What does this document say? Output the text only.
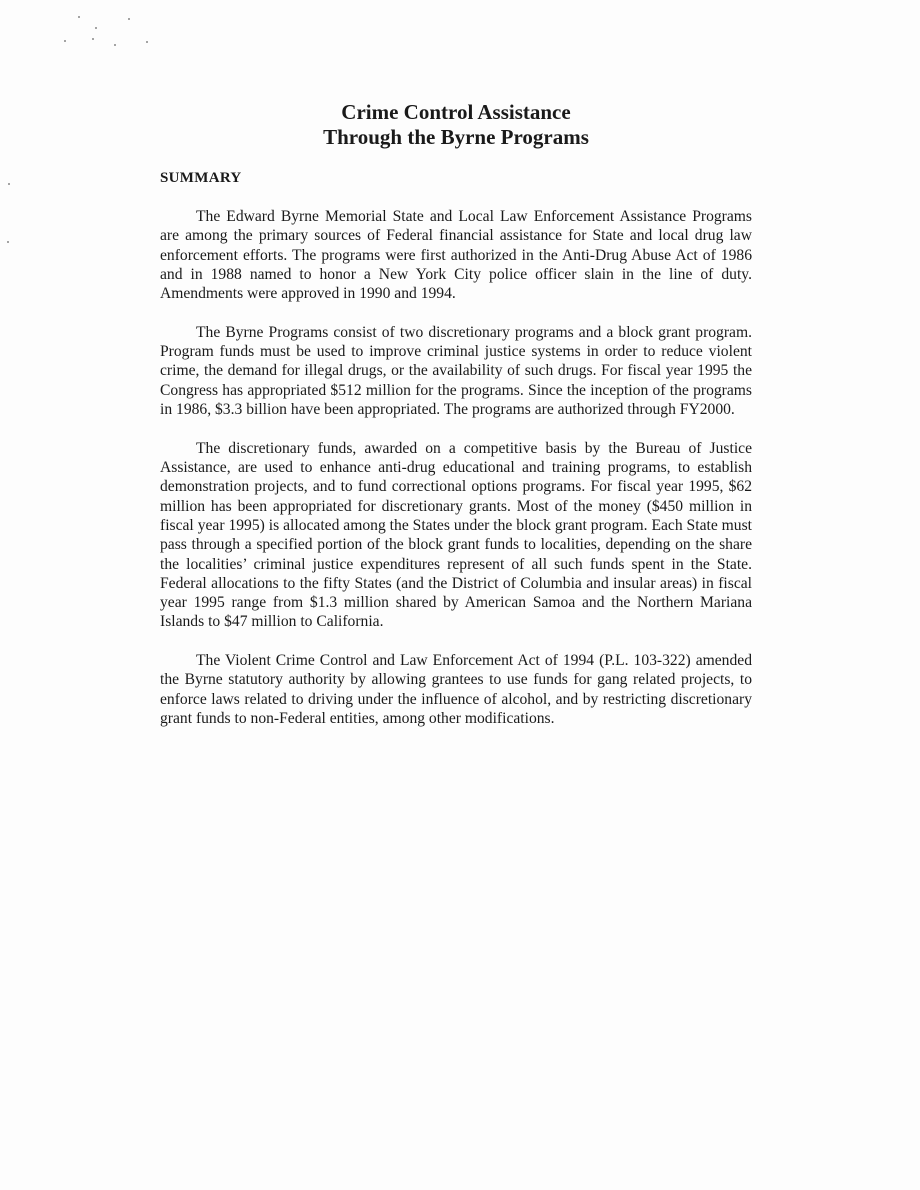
Crime Control Assistance
Through the Byrne Programs
SUMMARY

The Edward Byrne Memorial State and Local Law Enforcement Assistance Programs are among the primary sources of Federal financial assistance for State and local drug law enforcement efforts. The programs were first authorized in the Anti-Drug Abuse Act of 1986 and in 1988 named to honor a New York City police officer slain in the line of duty. Amendments were approved in 1990 and 1994.

The Byrne Programs consist of two discretionary programs and a block grant program. Program funds must be used to improve criminal justice systems in order to reduce violent crime, the demand for illegal drugs, or the availability of such drugs. For fiscal year 1995 the Congress has appropriated $512 million for the programs. Since the inception of the programs in 1986, $3.3 billion have been appropriated. The programs are authorized through FY2000.

The discretionary funds, awarded on a competitive basis by the Bureau of Justice Assistance, are used to enhance anti-drug educational and training programs, to establish demonstration projects, and to fund correctional options programs. For fiscal year 1995, $62 million has been appropriated for discretionary grants. Most of the money ($450 million in fiscal year 1995) is allocated among the States under the block grant program. Each State must pass through a specified portion of the block grant funds to localities, depending on the share the localities’ criminal justice expenditures represent of all such funds spent in the State. Federal allocations to the fifty States (and the District of Columbia and insular areas) in fiscal year 1995 range from $1.3 million shared by American Samoa and the Northern Mariana Islands to $47 million to California.

The Violent Crime Control and Law Enforcement Act of 1994 (P.L. 103-322) amended the Byrne statutory authority by allowing grantees to use funds for gang related projects, to enforce laws related to driving under the influence of alcohol, and by restricting discretionary grant funds to non-Federal entities, among other modifications.
